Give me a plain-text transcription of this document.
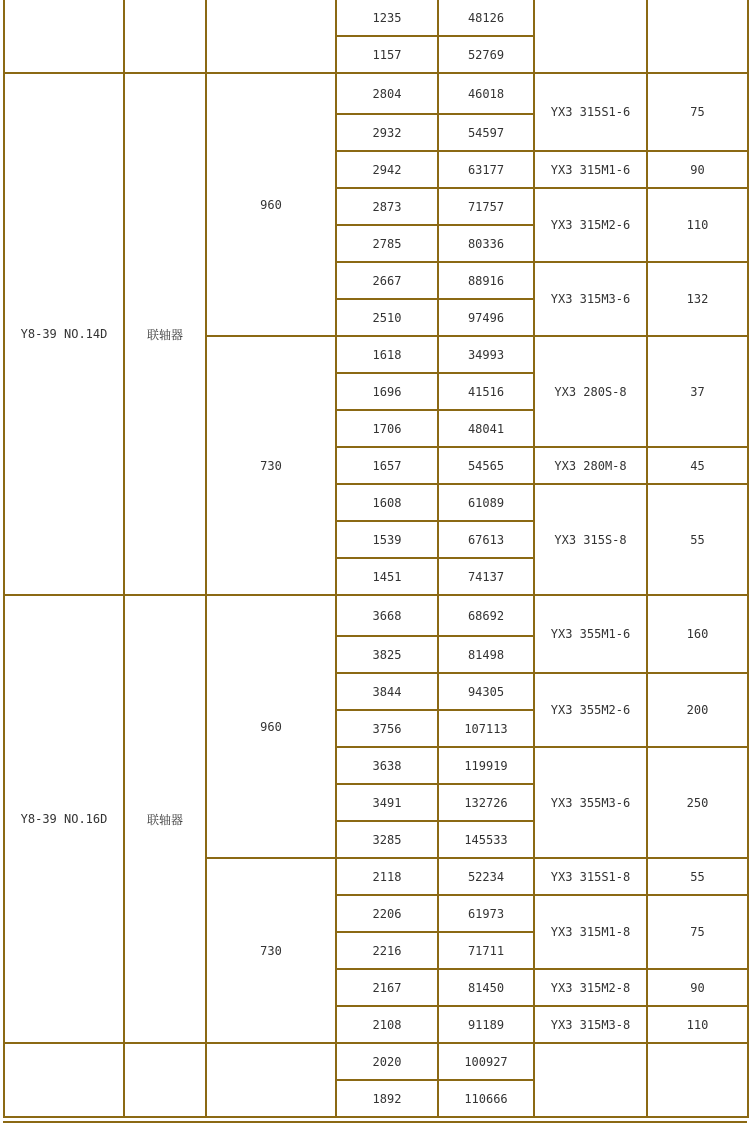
			1235	48126		
			1157	52769		
Y8-39 NO.14D	联轴器	960	2804	46018	YX3 315S1-6	75
			2932	54597		
			2942	63177	YX3 315M1-6	90
			2873	71757	YX3 315M2-6	110
			2785	80336		
			2667	88916	YX3 315M3-6	132
			2510	97496		
		730	1618	34993	YX3 280S-8	37
			1696	41516		
			1706	48041		
			1657	54565	YX3 280M-8	45
			1608	61089	YX3 315S-8	55
			1539	67613		
			1451	74137		
Y8-39 NO.16D	联轴器	960	3668	68692	YX3 355M1-6	160
			3825	81498		
			3844	94305	YX3 355M2-6	200
			3756	107113		
			3638	119919	YX3 355M3-6	250
			3491	132726		
			3285	145533		
		730	2118	52234	YX3 315S1-8	55
			2206	61973	YX3 315M1-8	75
			2216	71711		
			2167	81450	YX3 315M2-8	90
			2108	91189	YX3 315M3-8	110
			2020	100927		
			1892	110666		
